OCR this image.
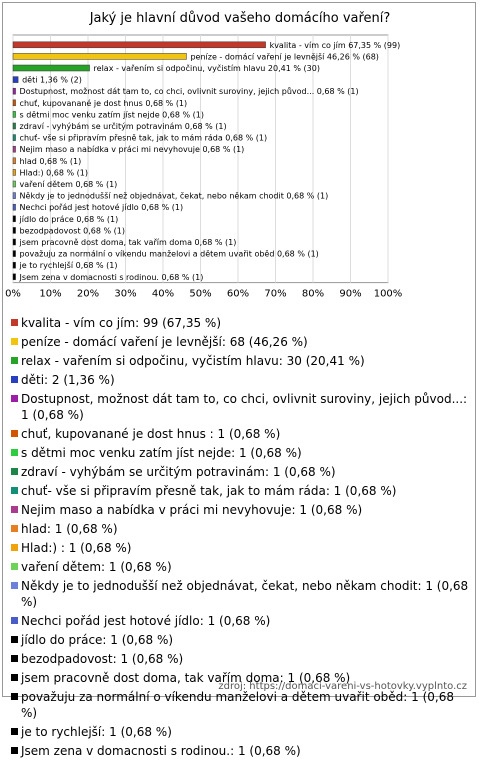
Jaký je hlavní důvod vašeho domácího vaření?
0% 10% 20% 30% 40% 50% 60% 70% 80% 90% 100%
kvalita - vím co jím 67,35 % (99)
peníze - domácí vaření je levnější 46,26 % (68)
relax - vařením si odpočinu, vyčistím hlavu 20,41 % (30)
děti 1,36 % (2)
Dostupnost, možnost dát tam to, co chci, ovlivnit suroviny, jejich původ... 0,68 % (1)
chuť, kupovanané je dost hnus 0,68 % (1)
s dětmi moc venku zatím jíst nejde 0,68 % (1)
zdraví - vyhýbám se určitým potravinám 0,68 % (1)
chuť- vše si připravím přesně tak, jak to mám ráda 0,68 % (1)
Nejim maso a nabídka v práci mi nevyhovuje 0,68 % (1)
hlad 0,68 % (1)
Hlad:) 0,68 % (1)
vaření dětem 0,68 % (1)
Někdy je to jednodušší než objednávat, čekat, nebo někam chodit 0,68 % (1)
Nechci pořád jest hotové jídlo 0,68 % (1)
jídlo do práce 0,68 % (1)
bezodpadovost 0,68 % (1)
jsem pracovně dost doma, tak vařím doma 0,68 % (1)
považuju za normální o víkendu manželovi a dětem uvařit oběd 0,68 % (1)
je to rychlejší 0,68 % (1)
Jsem zena v domacnosti s rodinou. 0,68 % (1)
kvalita - vím co jím: 99 (67,35 %)
peníze - domácí vaření je levnější: 68 (46,26 %)
relax - vařením si odpočinu, vyčistím hlavu: 30 (20,41 %)
děti: 2 (1,36 %)
Dostupnost, možnost dát tam to, co chci, ovlivnit suroviny, jejich původ...: 1 (0,68 %)
chuť, kupovanané je dost hnus : 1 (0,68 %)
s dětmi moc venku zatím jíst nejde: 1 (0,68 %)
zdraví - vyhýbám se určitým potravinám: 1 (0,68 %)
chuť- vše si připravím přesně tak, jak to mám ráda: 1 (0,68 %)
Nejim maso a nabídka v práci mi nevyhovuje: 1 (0,68 %)
hlad: 1 (0,68 %)
Hlad:) : 1 (0,68 %)
vaření dětem: 1 (0,68 %)
Někdy je to jednodušší než objednávat, čekat, nebo někam chodit: 1 (0,68 %)
Nechci pořád jest hotové jídlo: 1 (0,68 %)
jídlo do práce: 1 (0,68 %)
bezodpadovost: 1 (0,68 %)
jsem pracovně dost doma, tak vařím doma: 1 (0,68 %)
považuju za normální o víkendu manželovi a dětem uvařit oběd: 1 (0,68 %)
je to rychlejší: 1 (0,68 %)
Jsem zena v domacnosti s rodinou.: 1 (0,68 %)
zdroj: https://domaci-vareni-vs-hotovky.vyplnto.cz
